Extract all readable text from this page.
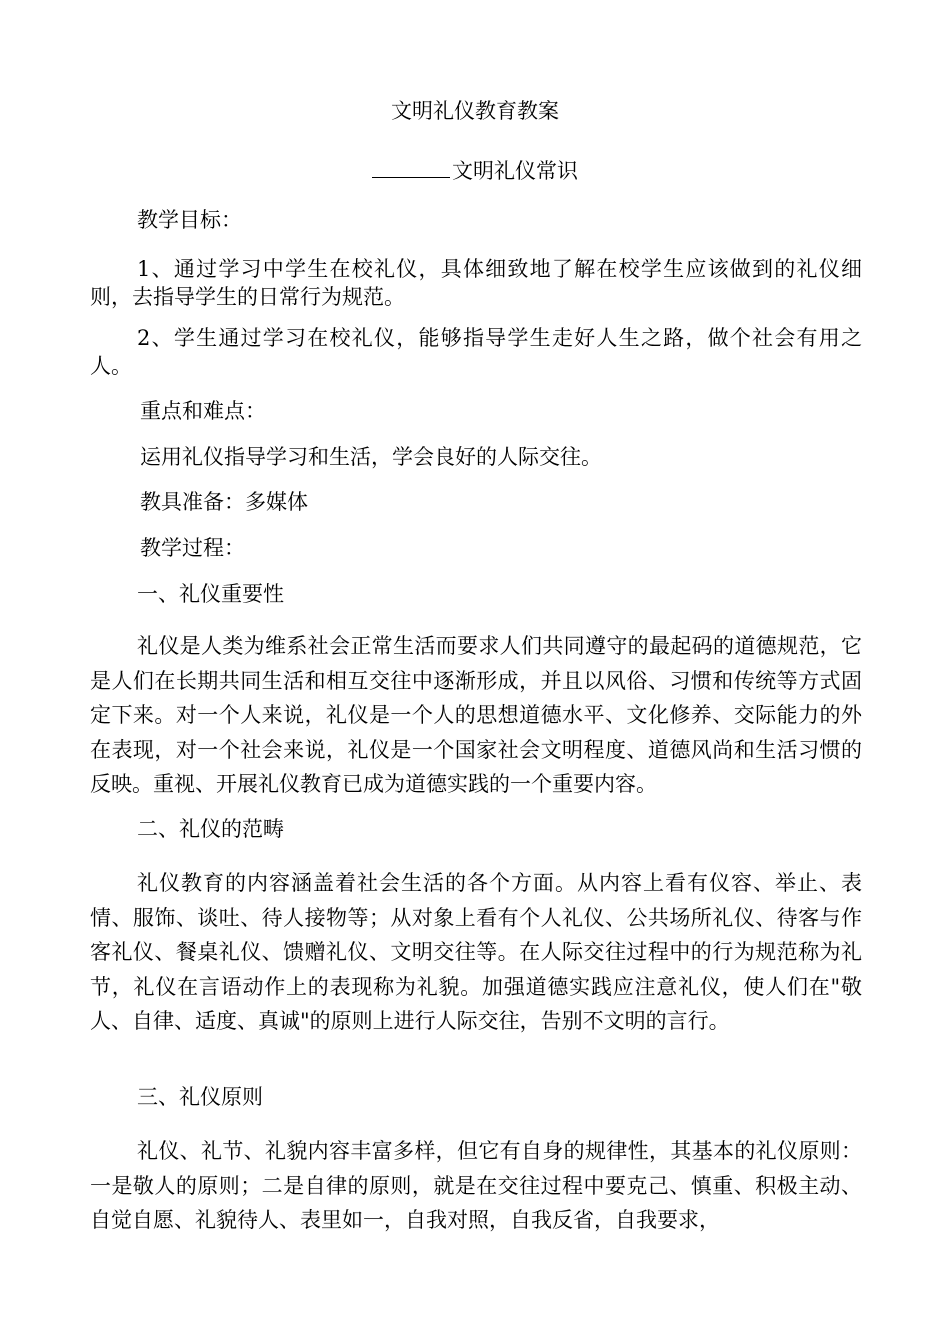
文明礼仪教育教案
文明礼仪常识

教学目标：

1、通过学习中学生在校礼仪，具体细致地了解在校学生应该做到的礼仪细则，去指导学生的日常行为规范。

2、学生通过学习在校礼仪，能够指导学生走好人生之路，做个社会有用之人。

重点和难点：

运用礼仪指导学习和生活，学会良好的人际交往。

教具准备：多媒体

教学过程：

一、礼仪重要性

礼仪是人类为维系社会正常生活而要求人们共同遵守的最起码的道德规范，它是人们在长期共同生活和相互交往中逐渐形成，并且以风俗、习惯和传统等方式固定下来。对一个人来说，礼仪是一个人的思想道德水平、文化修养、交际能力的外在表现，对一个社会来说，礼仪是一个国家社会文明程度、道德风尚和生活习惯的反映。重视、开展礼仪教育已成为道德实践的一个重要内容。

二、礼仪的范畴

礼仪教育的内容涵盖着社会生活的各个方面。从内容上看有仪容、举止、表情、服饰、谈吐、待人接物等；从对象上看有个人礼仪、公共场所礼仪、待客与作客礼仪、餐桌礼仪、馈赠礼仪、文明交往等。在人际交往过程中的行为规范称为礼节，礼仪在言语动作上的表现称为礼貌。加强道德实践应注意礼仪，使人们在"敬人、自律、适度、真诚"的原则上进行人际交往，告别不文明的言行。

三、礼仪原则

礼仪、礼节、礼貌内容丰富多样，但它有自身的规律性，其基本的礼仪原则：一是敬人的原则；二是自律的原则，就是在交往过程中要克己、慎重、积极主动、自觉自愿、礼貌待人、表里如一，自我对照，自我反省，自我要求，
